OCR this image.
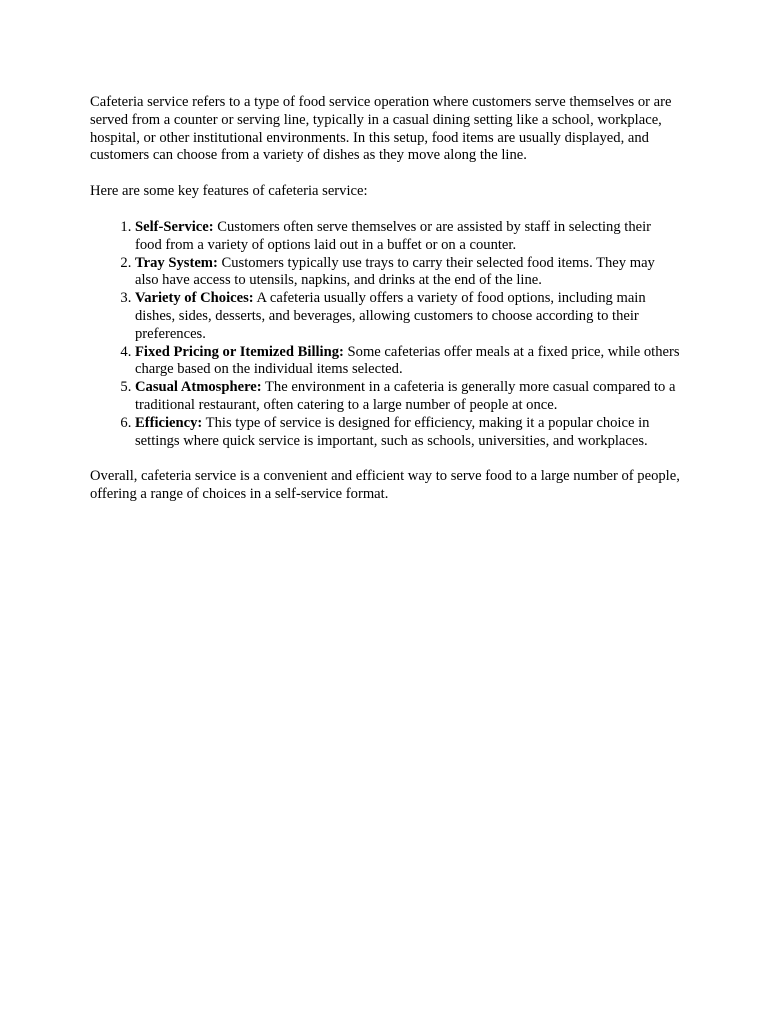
Cafeteria service refers to a type of food service operation where customers serve themselves or are served from a counter or serving line, typically in a casual dining setting like a school, workplace, hospital, or other institutional environments. In this setup, food items are usually displayed, and customers can choose from a variety of dishes as they move along the line.

Here are some key features of cafeteria service:

1. Self-Service: Customers often serve themselves or are assisted by staff in selecting their food from a variety of options laid out in a buffet or on a counter.
2. Tray System: Customers typically use trays to carry their selected food items. They may also have access to utensils, napkins, and drinks at the end of the line.
3. Variety of Choices: A cafeteria usually offers a variety of food options, including main dishes, sides, desserts, and beverages, allowing customers to choose according to their preferences.
4. Fixed Pricing or Itemized Billing: Some cafeterias offer meals at a fixed price, while others charge based on the individual items selected.
5. Casual Atmosphere: The environment in a cafeteria is generally more casual compared to a traditional restaurant, often catering to a large number of people at once.
6. Efficiency: This type of service is designed for efficiency, making it a popular choice in settings where quick service is important, such as schools, universities, and workplaces.

Overall, cafeteria service is a convenient and efficient way to serve food to a large number of people, offering a range of choices in a self-service format.
